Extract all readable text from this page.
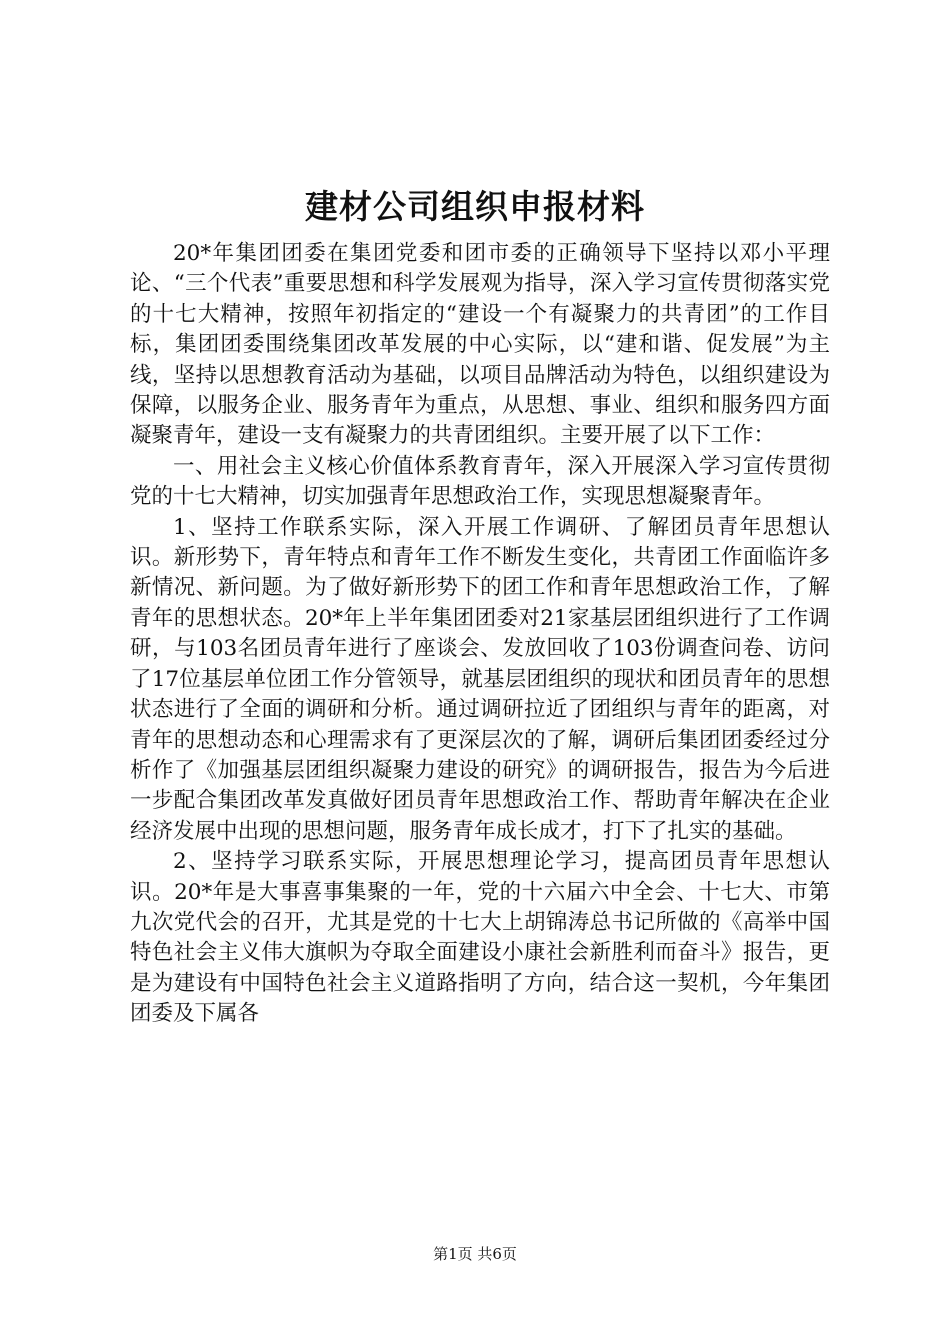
建材公司组织申报材料

20*年集团团委在集团党委和团市委的正确领导下坚持以邓小平理论、“三个代表”重要思想和科学发展观为指导，深入学习宣传贯彻落实党的十七大精神，按照年初指定的“建设一个有凝聚力的共青团”的工作目标，集团团委围绕集团改革发展的中心实际，以“建和谐、促发展”为主线，坚持以思想教育活动为基础，以项目品牌活动为特色，以组织建设为保障，以服务企业、服务青年为重点，从思想、事业、组织和服务四方面凝聚青年，建设一支有凝聚力的共青团组织。主要开展了以下工作：

一、用社会主义核心价值体系教育青年，深入开展深入学习宣传贯彻党的十七大精神，切实加强青年思想政治工作，实现思想凝聚青年。

1、坚持工作联系实际，深入开展工作调研、了解团员青年思想认识。新形势下，青年特点和青年工作不断发生变化，共青团工作面临许多新情况、新问题。为了做好新形势下的团工作和青年思想政治工作，了解青年的思想状态。20*年上半年集团团委对21家基层团组织进行了工作调研，与103名团员青年进行了座谈会、发放回收了103份调查问卷、访问了17位基层单位团工作分管领导，就基层团组织的现状和团员青年的思想状态进行了全面的调研和分析。通过调研拉近了团组织与青年的距离，对青年的思想动态和心理需求有了更深层次的了解，调研后集团团委经过分析作了《加强基层团组织凝聚力建设的研究》的调研报告，报告为今后进一步配合集团改革发真做好团员青年思想政治工作、帮助青年解决在企业经济发展中出现的思想问题，服务青年成长成才，打下了扎实的基础。

2、坚持学习联系实际，开展思想理论学习，提高团员青年思想认识。20*年是大事喜事集聚的一年，党的十六届六中全会、十七大、市第九次党代会的召开，尤其是党的十七大上胡锦涛总书记所做的《高举中国特色社会主义伟大旗帜为夺取全面建设小康社会新胜利而奋斗》报告，更是为建设有中国特色社会主义道路指明了方向，结合这一契机，今年集团团委及下属各

第1页 共6页
